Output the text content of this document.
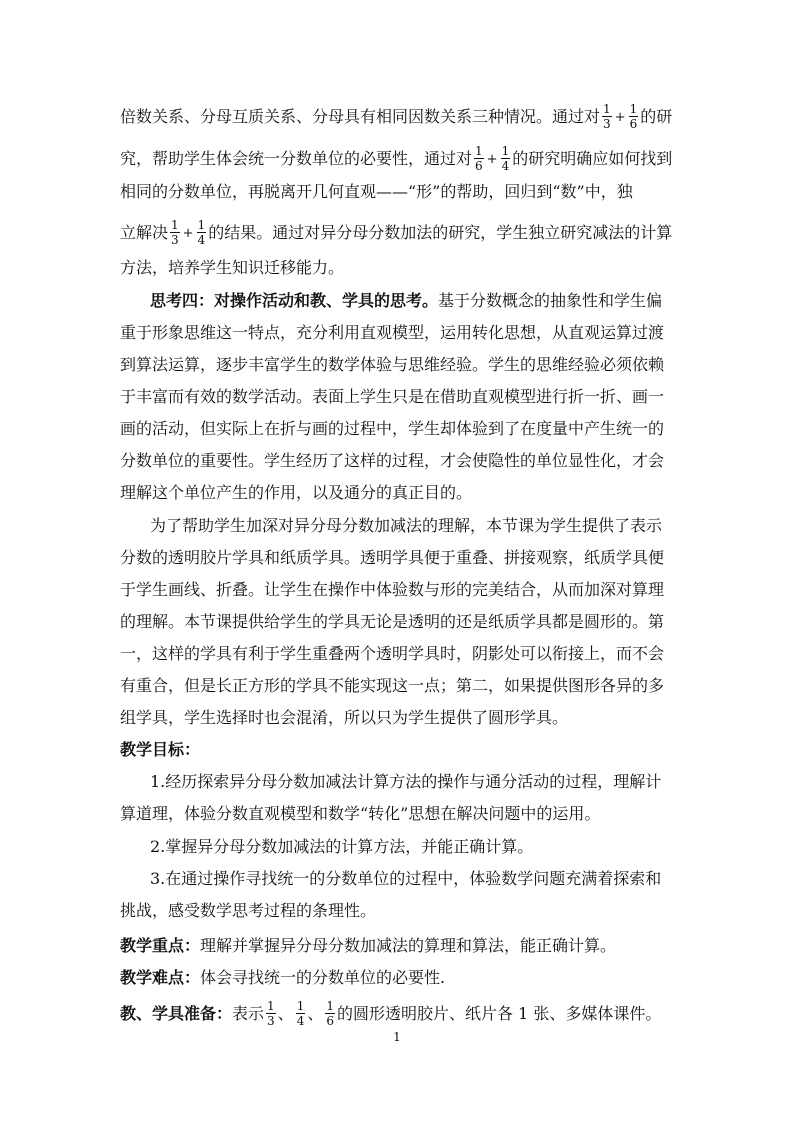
倍数关系、分母互质关系、分母具有相同因数关系三种情况。通过对 $\frac{1}{3} + \frac{1}{6}$ 的研
究，帮助学生体会统一分数单位的必要性，通过对 $\frac{1}{6} + \frac{1}{4}$ 的研究明确应如何找到
相同的分数单位，再脱离开几何直观——“形”的帮助，回归到“数”中，独
立解决 $\frac{1}{3} + \frac{1}{4}$ 的结果。通过对异分母分数加法的研究，学生独立研究减法的计算
方法，培养学生知识迁移能力。
思考四：对操作活动和教、学具的思考。基于分数概念的抽象性和学生偏
重于形象思维这一特点，充分利用直观模型，运用转化思想，从直观运算过渡
到算法运算，逐步丰富学生的数学体验与思维经验。学生的思维经验必须依赖
于丰富而有效的数学活动。表面上学生只是在借助直观模型进行折一折、画一
画的活动，但实际上在折与画的过程中，学生却体验到了在度量中产生统一的
分数单位的重要性。学生经历了这样的过程，才会使隐性的单位显性化，才会
理解这个单位产生的作用，以及通分的真正目的。
为了帮助学生加深对异分母分数加减法的理解，本节课为学生提供了表示
分数的透明胶片学具和纸质学具。透明学具便于重叠、拼接观察，纸质学具便
于学生画线、折叠。让学生在操作中体验数与形的完美结合，从而加深对算理
的理解。本节课提供给学生的学具无论是透明的还是纸质学具都是圆形的。第
一，这样的学具有利于学生重叠两个透明学具时，阴影处可以衔接上，而不会
有重合，但是长正方形的学具不能实现这一点；第二，如果提供图形各异的多
组学具，学生选择时也会混淆，所以只为学生提供了圆形学具。
教学目标：
1.经历探索异分母分数加减法计算方法的操作与通分活动的过程，理解计
算道理，体验分数直观模型和数学“转化”思想在解决问题中的运用。
2.掌握异分母分数加减法的计算方法，并能正确计算。
3.在通过操作寻找统一的分数单位的过程中，体验数学问题充满着探索和
挑战，感受数学思考过程的条理性。
教学重点：理解并掌握异分母分数加减法的算理和算法，能正确计算。
教学难点：体会寻找统一的分数单位的必要性.
教、学具准备：表示 $\frac{1}{3}$ 、 $\frac{1}{4}$ 、 $\frac{1}{6}$ 的圆形透明胶片、纸片各 1 张、多媒体课件。
1
